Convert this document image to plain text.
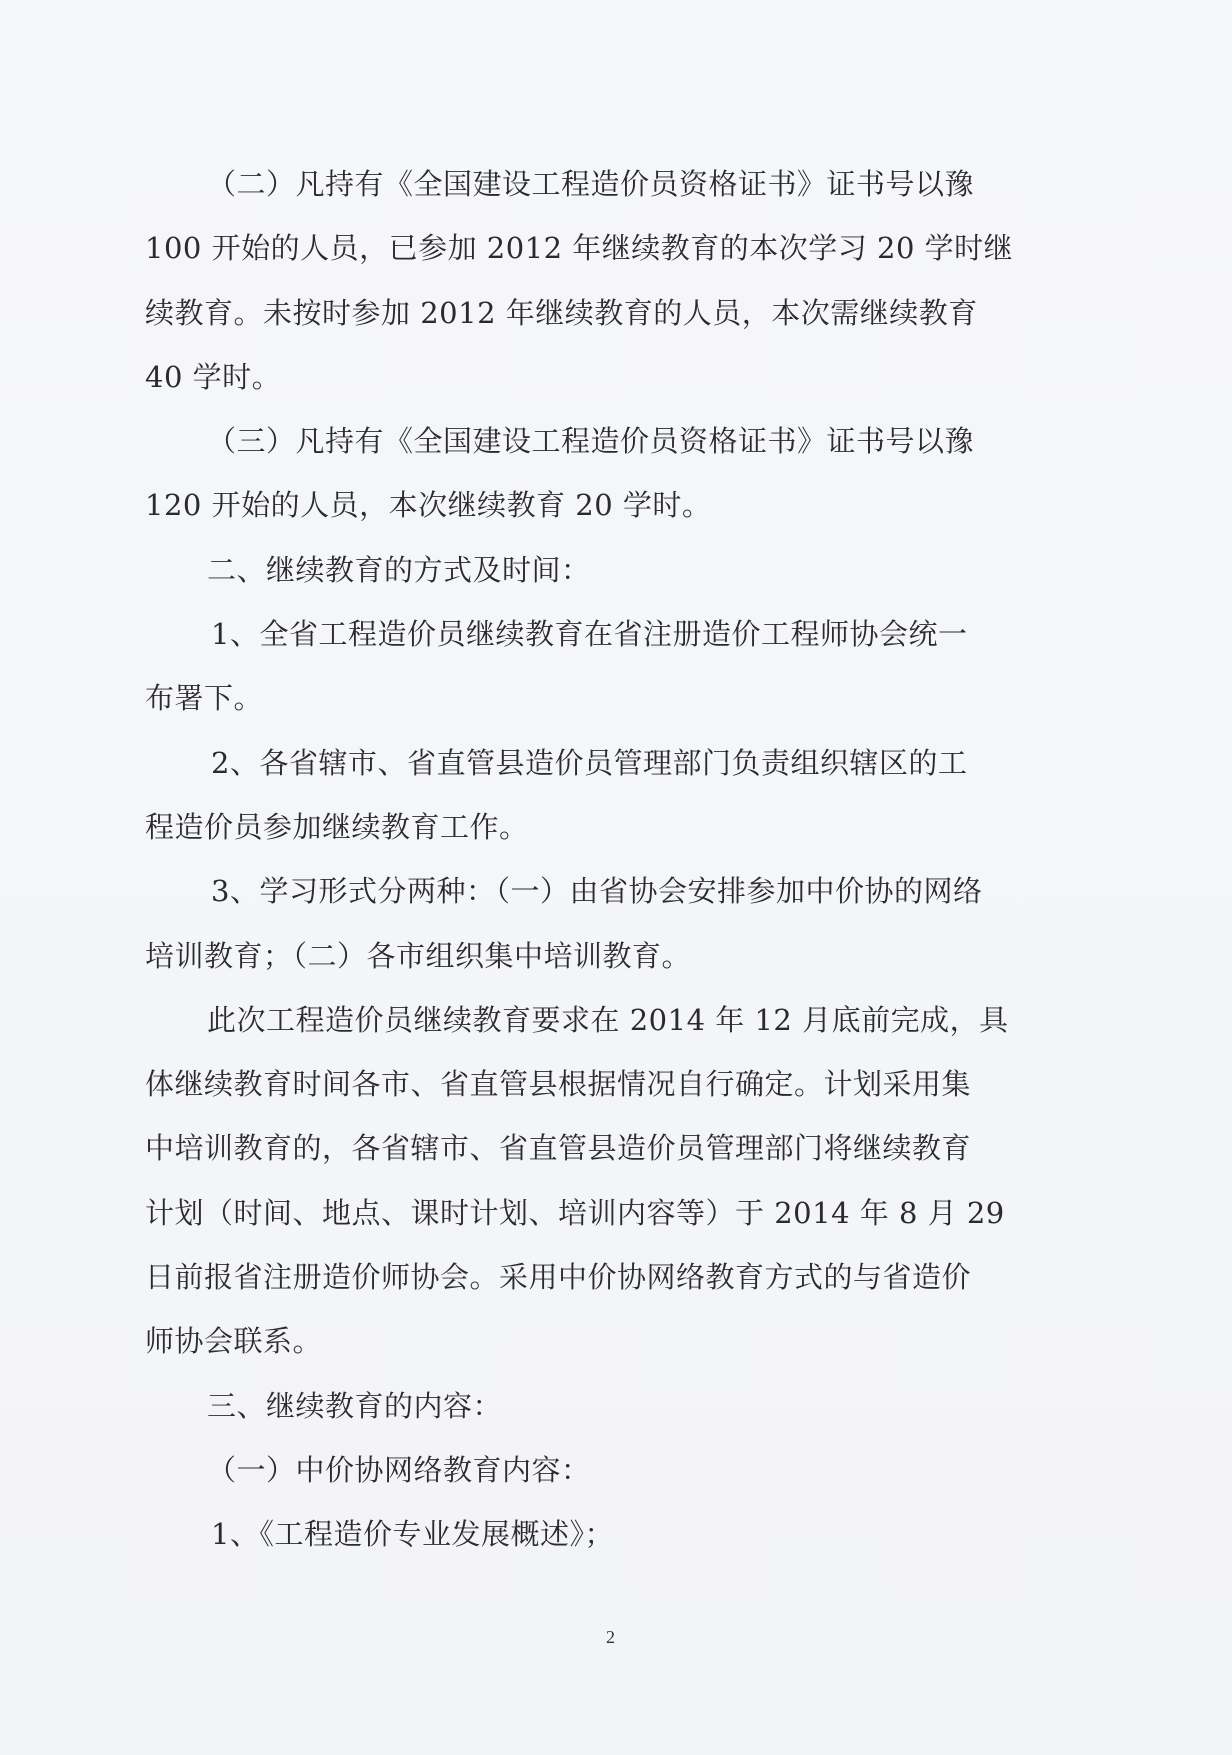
（二）凡持有《全国建设工程造价员资格证书》证书号以豫
100 开始的人员，已参加 2012 年继续教育的本次学习 20 学时继
续教育。未按时参加 2012 年继续教育的人员，本次需继续教育
40 学时。
（三）凡持有《全国建设工程造价员资格证书》证书号以豫
120 开始的人员，本次继续教育 20 学时。
二、继续教育的方式及时间：
1、全省工程造价员继续教育在省注册造价工程师协会统一
布署下。
2、各省辖市、省直管县造价员管理部门负责组织辖区的工
程造价员参加继续教育工作。
3、学习形式分两种：（一）由省协会安排参加中价协的网络
培训教育；（二）各市组织集中培训教育。
此次工程造价员继续教育要求在 2014 年 12 月底前完成，具
体继续教育时间各市、省直管县根据情况自行确定。计划采用集
中培训教育的，各省辖市、省直管县造价员管理部门将继续教育
计划（时间、地点、课时计划、培训内容等）于 2014 年 8 月 29
日前报省注册造价师协会。采用中价协网络教育方式的与省造价
师协会联系。
三、继续教育的内容：
（一）中价协网络教育内容：
1、《工程造价专业发展概述》；
2
